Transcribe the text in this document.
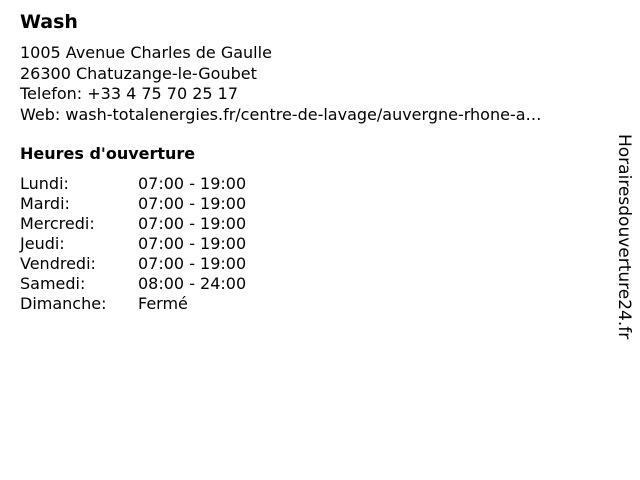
Wash
1005 Avenue Charles de Gaulle
26300 Chatuzange-le-Goubet
Telefon: +33 4 75 70 25 17
Web: wash-totalenergies.fr/centre-de-lavage/auvergne-rhone-a…
Heures d'ouverture
Lundi:	07:00 - 19:00
Mardi:	07:00 - 19:00
Mercredi:	07:00 - 19:00
Jeudi:	07:00 - 19:00
Vendredi:	07:00 - 19:00
Samedi:	08:00 - 24:00
Dimanche: Fermé	Horairesdouverture24.fr
